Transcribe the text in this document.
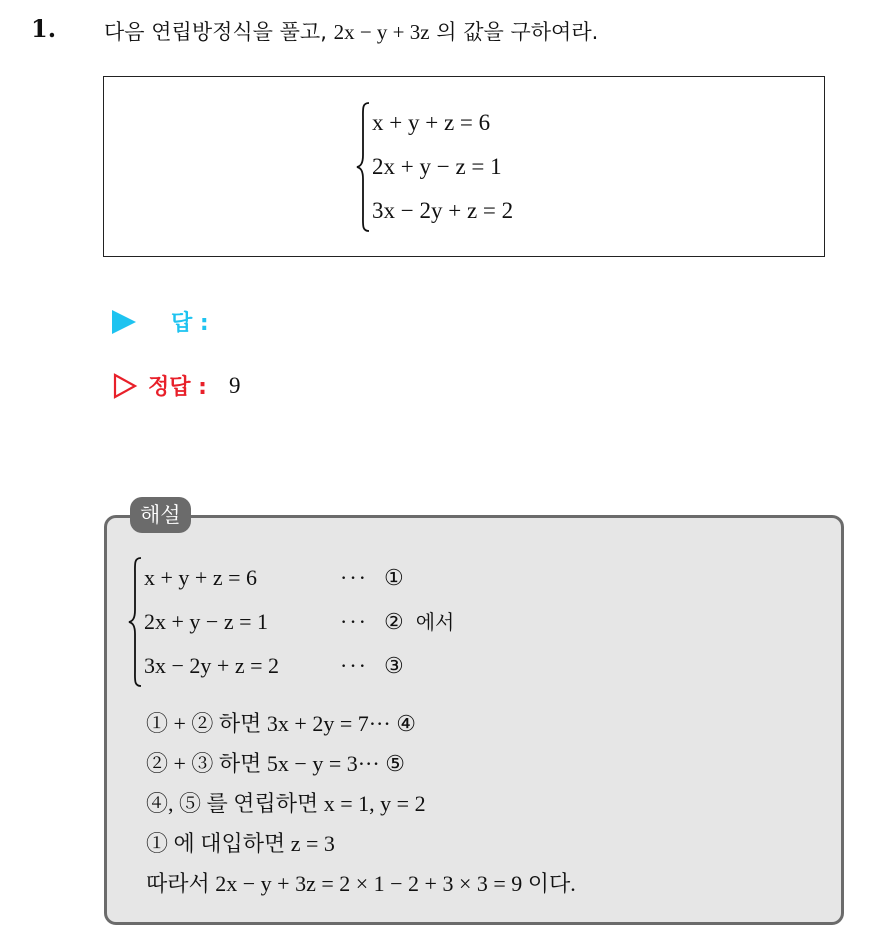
1. 다음 연립방정식을 풀고, 2x − y + 3z 의 값을 구하여라.
x + y + z = 6
2x + y − z = 1
3x − 2y + z = 2
답 :
정답 : 9
해설
x + y + z = 6	··· ①
2x + y − z = 1	··· ② 에서
3x − 2y + z = 2	··· ③
① + ② 하면 3x + 2y = 7··· ④
② + ③ 하면 5x − y = 3··· ⑤
④, ⑤ 를 연립하면 x = 1, y = 2
① 에 대입하면 z = 3
따라서 2x − y + 3z = 2 × 1 − 2 + 3 × 3 = 9 이다.
